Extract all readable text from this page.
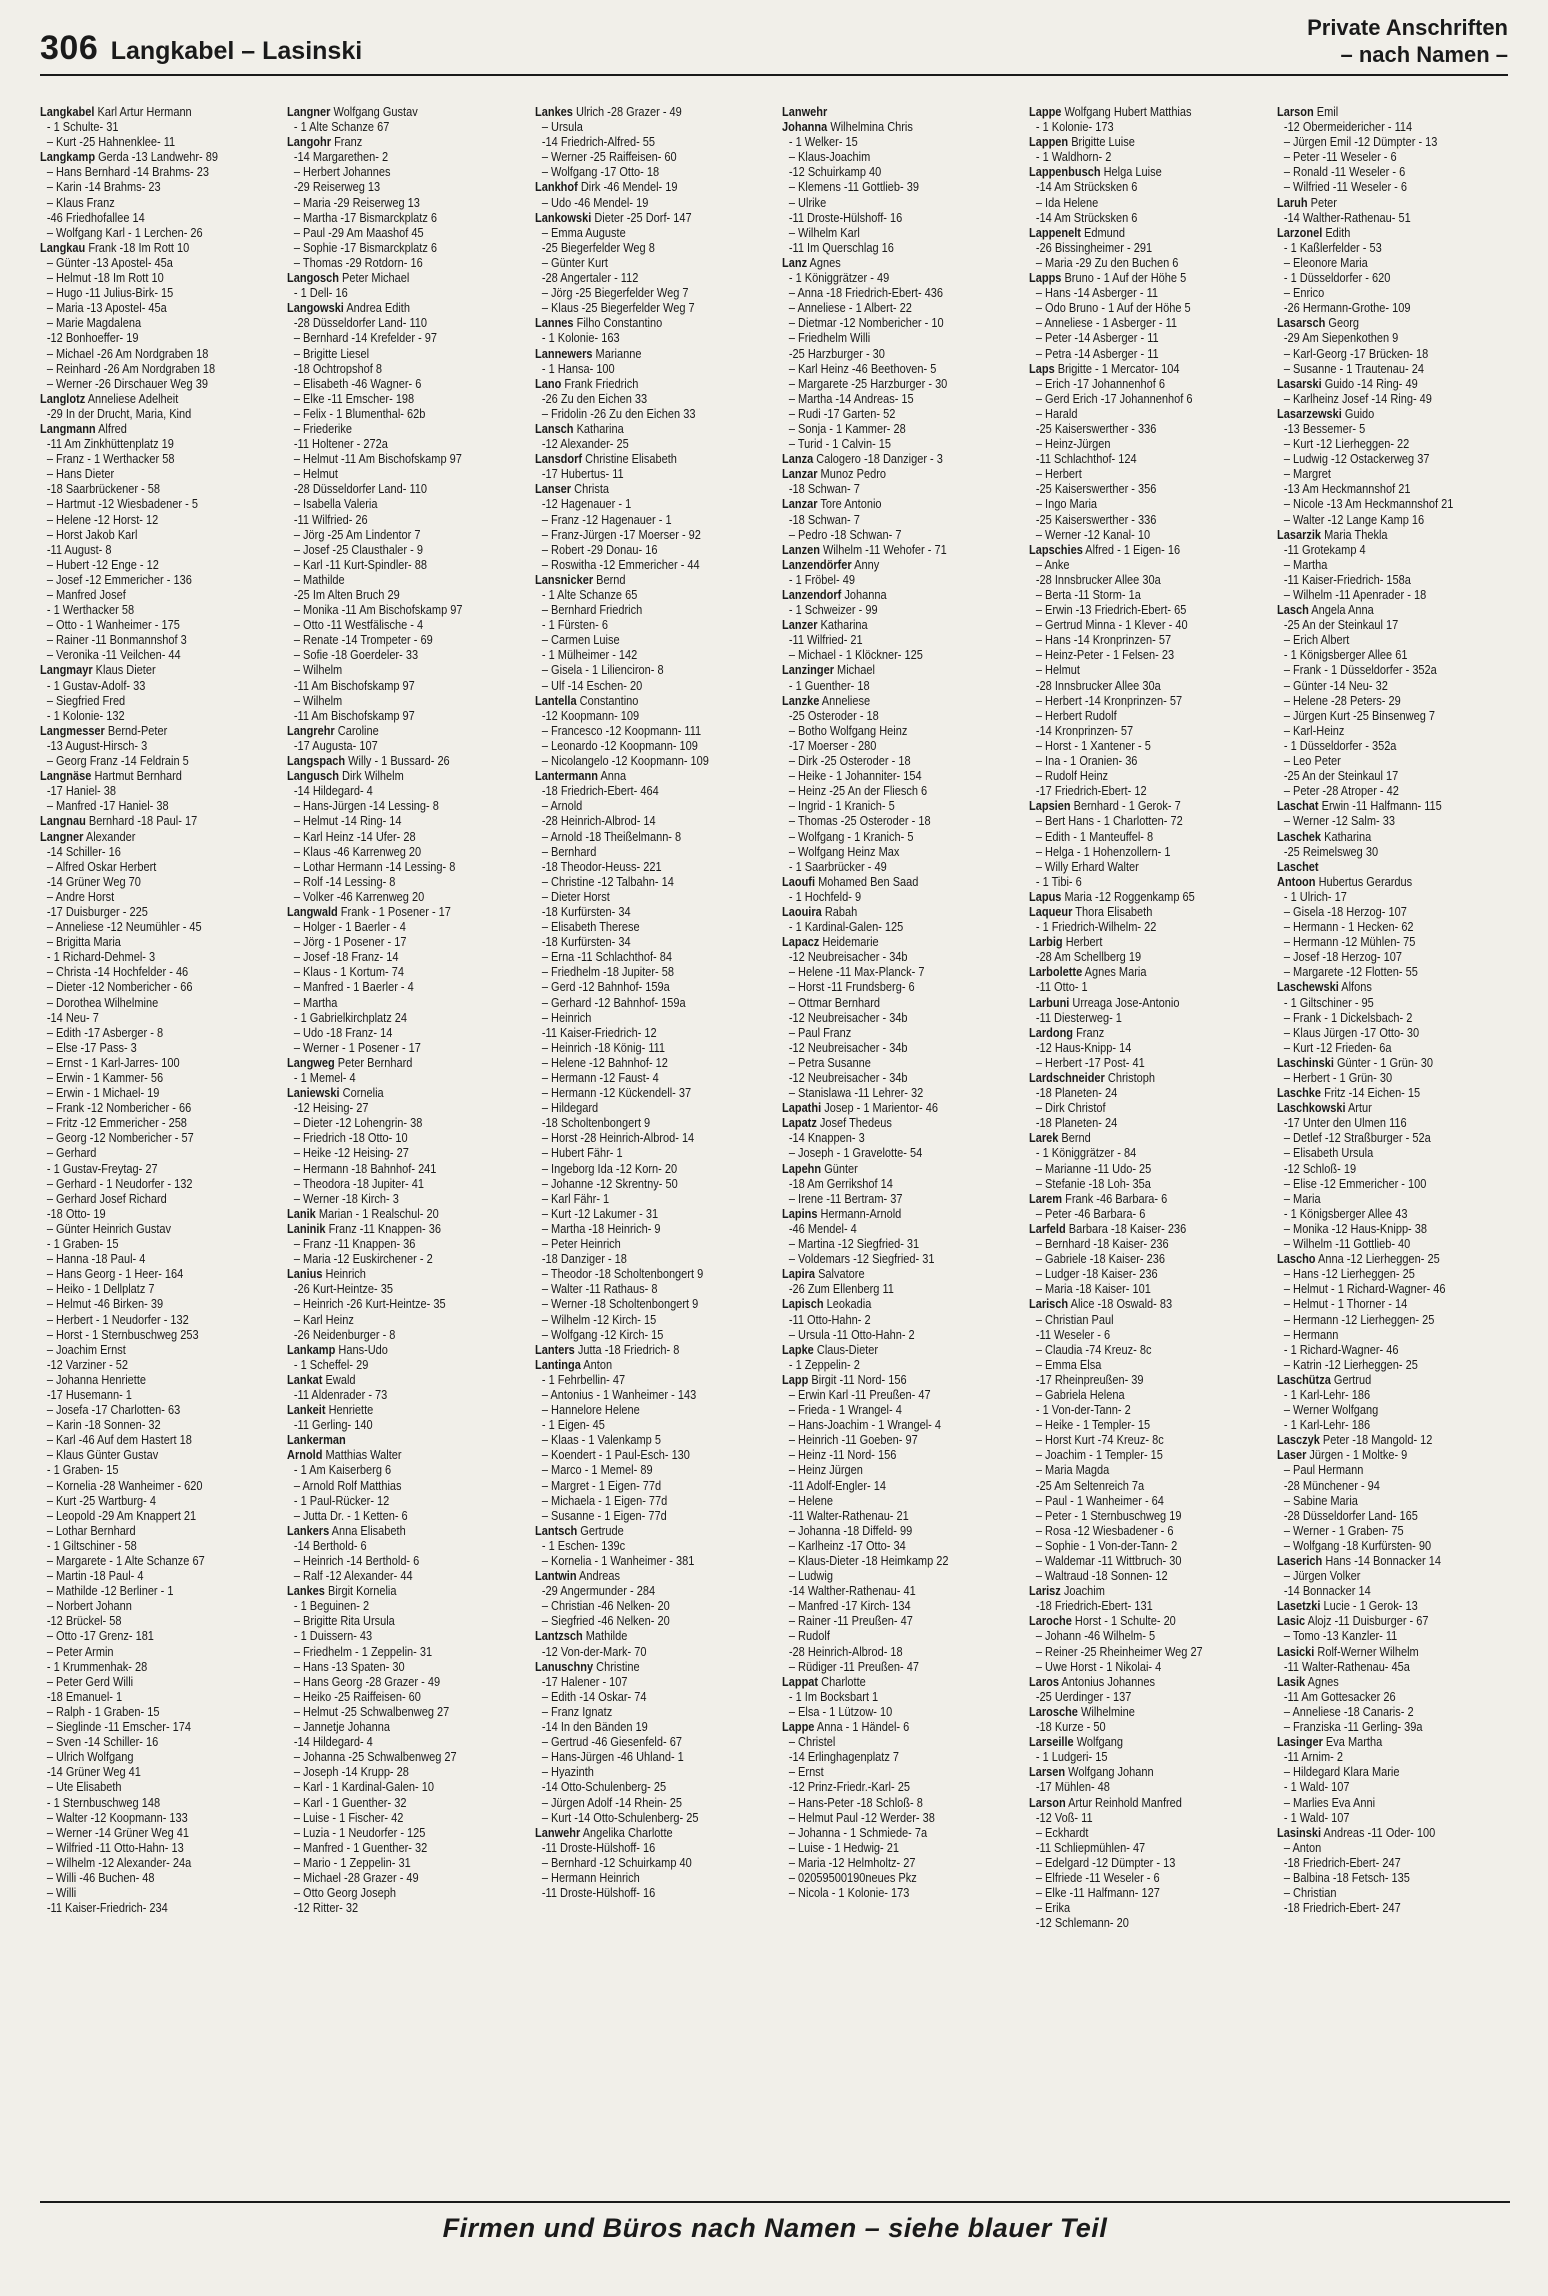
306 Langkabel – Lasinski
Private Anschriften
– nach Namen –
Langkabel Karl Artur Hermann
- 1 Schulte- 31
– Kurt -25 Hahnenklee- 11
Langkamp Gerda -13 Landwehr- 89
– Hans Bernhard -14 Brahms- 23
– Karin -14 Brahms- 23
– Klaus Franz
-46 Friedhofallee 14
– Wolfgang Karl - 1 Lerchen- 26
Langkau Frank -18 Im Rott 10
– Günter -13 Apostel- 45a
– Helmut -18 Im Rott 10
– Hugo -11 Julius-Birk- 15
– Maria -13 Apostel- 45a
– Marie Magdalena
-12 Bonhoeffer- 19
– Michael -26 Am Nordgraben 18
– Reinhard -26 Am Nordgraben 18
– Werner -26 Dirschauer Weg 39
Langlotz Anneliese Adelheit
-29 In der Drucht, Maria, Kind
Langmann Alfred
-11 Am Zinkhüttenplatz 19
– Franz - 1 Werthacker 58
– Hans Dieter
-18 Saarbrückener - 58
– Hartmut -12 Wiesbadener - 5
– Helene -12 Horst- 12
– Horst Jakob Karl
-11 August- 8
– Hubert -12 Enge - 12
– Josef -12 Emmericher - 136
– Manfred Josef
- 1 Werthacker 58
– Otto - 1 Wanheimer - 175
– Rainer -11 Bonmannshof 3
– Veronika -11 Veilchen- 44
Langmayr Klaus Dieter
- 1 Gustav-Adolf- 33
– Siegfried Fred
- 1 Kolonie- 132
Langmesser Bernd-Peter
-13 August-Hirsch- 3
– Georg Franz -14 Feldrain 5
Langnäse Hartmut Bernhard
-17 Haniel- 38
– Manfred -17 Haniel- 38
Langnau Bernhard -18 Paul- 17
Langner Alexander
-14 Schiller- 16
– Alfred Oskar Herbert
-14 Grüner Weg 70
– Andre Horst
-17 Duisburger - 225
– Anneliese -12 Neumühler - 45
– Brigitta Maria
- 1 Richard-Dehmel- 3
– Christa -14 Hochfelder - 46
– Dieter -12 Nombericher - 66
– Dorothea Wilhelmine
-14 Neu- 7
– Edith -17 Asberger - 8
– Else -17 Pass- 3
– Ernst - 1 Karl-Jarres- 100
– Erwin - 1 Kammer- 56
– Erwin - 1 Michael- 19
– Frank -12 Nombericher - 66
– Fritz -12 Emmericher - 258
– Georg -12 Nombericher - 57
– Gerhard
- 1 Gustav-Freytag- 27
– Gerhard - 1 Neudorfer - 132
– Gerhard Josef Richard
-18 Otto- 19
– Günter Heinrich Gustav
- 1 Graben- 15
– Hanna -18 Paul- 4
– Hans Georg - 1 Heer- 164
– Heiko - 1 Dellplatz 7
– Helmut -46 Birken- 39
– Herbert - 1 Neudorfer - 132
– Horst - 1 Sternbuschweg 253
– Joachim Ernst
-12 Varziner - 52
– Johanna Henriette
-17 Husemann- 1
– Josefa -17 Charlotten- 63
– Karin -18 Sonnen- 32
– Karl -46 Auf dem Hastert 18
– Klaus Günter Gustav
- 1 Graben- 15
– Kornelia -28 Wanheimer - 620
– Kurt -25 Wartburg- 4
– Leopold -29 Am Knappert 21
– Lothar Bernhard
- 1 Giltschiner - 58
– Margarete - 1 Alte Schanze 67
– Martin -18 Paul- 4
– Mathilde -12 Berliner - 1
– Norbert Johann
-12 Brückel- 58
– Otto -17 Grenz- 181
– Peter Armin
- 1 Krummenhak- 28
– Peter Gerd Willi
-18 Emanuel- 1
– Ralph - 1 Graben- 15
– Sieglinde -11 Emscher- 174
– Sven -14 Schiller- 16
– Ulrich Wolfgang
-14 Grüner Weg 41
– Ute Elisabeth
- 1 Sternbuschweg 148
– Walter -12 Koopmann- 133
– Werner -14 Grüner Weg 41
– Wilfried -11 Otto-Hahn- 13
– Wilhelm -12 Alexander- 24a
– Willi -46 Buchen- 48
– Willi
-11 Kaiser-Friedrich- 234
Langner Wolfgang Gustav
- 1 Alte Schanze 67
Langohr Franz
-14 Margarethen- 2
– Herbert Johannes
-29 Reiserweg 13
– Maria -29 Reiserweg 13
– Martha -17 Bismarckplatz 6
– Paul -29 Am Maashof 45
– Sophie -17 Bismarckplatz 6
– Thomas -29 Rotdorn- 16
Langosch Peter Michael
- 1 Dell- 16
Langowski Andrea Edith
-28 Düsseldorfer Land- 110
– Bernhard -14 Krefelder - 97
– Brigitte Liesel
-18 Ochtropshof 8
– Elisabeth -46 Wagner- 6
– Elke -11 Emscher- 198
– Felix - 1 Blumenthal- 62b
– Friederike
-11 Holtener - 272a
– Helmut -11 Am Bischofskamp 97
– Helmut
-28 Düsseldorfer Land- 110
– Isabella Valeria
-11 Wilfried- 26
– Jörg -25 Am Lindentor 7
– Josef -25 Clausthaler - 9
– Karl -11 Kurt-Spindler- 88
– Mathilde
-25 Im Alten Bruch 29
– Monika -11 Am Bischofskamp 97
– Otto -11 Westfälische - 4
– Renate -14 Trompeter - 69
– Sofie -18 Goerdeler- 33
– Wilhelm
-11 Am Bischofskamp 97
– Wilhelm
-11 Am Bischofskamp 97
Langrehr Caroline
-17 Augusta- 107
Langspach Willy - 1 Bussard- 26
Langusch Dirk Wilhelm
-14 Hildegard- 4
– Hans-Jürgen -14 Lessing- 8
– Helmut -14 Ring- 14
– Karl Heinz -14 Ufer- 28
– Klaus -46 Karrenweg 20
– Lothar Hermann -14 Lessing- 8
– Rolf -14 Lessing- 8
– Volker -46 Karrenweg 20
Langwald Frank - 1 Posener - 17
– Holger - 1 Baerler - 4
– Jörg - 1 Posener - 17
– Josef -18 Franz- 14
– Klaus - 1 Kortum- 74
– Manfred - 1 Baerler - 4
– Martha
- 1 Gabrielkirchplatz 24
– Udo -18 Franz- 14
– Werner - 1 Posener - 17
Langweg Peter Bernhard
- 1 Memel- 4
Laniewski Cornelia
-12 Heising- 27
– Dieter -12 Lohengrin- 38
– Friedrich -18 Otto- 10
– Heike -12 Heising- 27
– Hermann -18 Bahnhof- 241
– Theodora -18 Jupiter- 41
– Werner -18 Kirch- 3
Lanik Marian - 1 Realschul- 20
Laninik Franz -11 Knappen- 36
– Franz -11 Knappen- 36
– Maria -12 Euskirchener - 2
Lanius Heinrich
-26 Kurt-Heintze- 35
– Heinrich -26 Kurt-Heintze- 35
– Karl Heinz
-26 Neidenburger - 8
Lankamp Hans-Udo
- 1 Scheffel- 29
Lankat Ewald
-11 Aldenrader - 73
Lankeit Henriette
-11 Gerling- 140
Lankerman
Arnold Matthias Walter
- 1 Am Kaiserberg 6
– Arnold Rolf Matthias
- 1 Paul-Rücker- 12
– Jutta Dr. - 1 Ketten- 6
Lankers Anna Elisabeth
-14 Berthold- 6
– Heinrich -14 Berthold- 6
– Ralf -12 Alexander- 44
Lankes Birgit Kornelia
- 1 Beguinen- 2
– Brigitte Rita Ursula
- 1 Duissern- 43
– Friedhelm - 1 Zeppelin- 31
– Hans -13 Spaten- 30
– Hans Georg -28 Grazer - 49
– Heiko -25 Raiffeisen- 60
– Helmut -25 Schwalbenweg 27
– Jannetje Johanna
-14 Hildegard- 4
– Johanna -25 Schwalbenweg 27
– Joseph -14 Krupp- 28
– Karl - 1 Kardinal-Galen- 10
– Karl - 1 Guenther- 32
– Luise - 1 Fischer- 42
– Luzia - 1 Neudorfer - 125
– Manfred - 1 Guenther- 32
– Mario - 1 Zeppelin- 31
– Michael -28 Grazer - 49
– Otto Georg Joseph
-12 Ritter- 32
Lankes Ulrich -28 Grazer - 49
– Ursula
-14 Friedrich-Alfred- 55
– Werner -25 Raiffeisen- 60
– Wolfgang -17 Otto- 18
Lankhof Dirk -46 Mendel- 19
– Udo -46 Mendel- 19
Lankowski Dieter -25 Dorf- 147
– Emma Auguste
-25 Biegerfelder Weg 8
– Günter Kurt
-28 Angertaler - 112
– Jörg -25 Biegerfelder Weg 7
– Klaus -25 Biegerfelder Weg 7
Lannes Filho Constantino
- 1 Kolonie- 163
Lannewers Marianne
- 1 Hansa- 100
Lano Frank Friedrich
-26 Zu den Eichen 33
– Fridolin -26 Zu den Eichen 33
Lansch Katharina
-12 Alexander- 25
Lansdorf Christine Elisabeth
-17 Hubertus- 11
Lanser Christa
-12 Hagenauer - 1
– Franz -12 Hagenauer - 1
– Franz-Jürgen -17 Moerser - 92
– Robert -29 Donau- 16
– Roswitha -12 Emmericher - 44
Lansnicker Bernd
- 1 Alte Schanze 65
– Bernhard Friedrich
- 1 Fürsten- 6
– Carmen Luise
- 1 Mülheimer - 142
– Gisela - 1 Lilienciron- 8
– Ulf -14 Eschen- 20
Lantella Constantino
-12 Koopmann- 109
– Francesco -12 Koopmann- 111
– Leonardo -12 Koopmann- 109
– Nicolangelo -12 Koopmann- 109
Lantermann Anna
-18 Friedrich-Ebert- 464
– Arnold
-28 Heinrich-Albrod- 14
– Arnold -18 Theißelmann- 8
– Bernhard
-18 Theodor-Heuss- 221
– Christine -12 Talbahn- 14
– Dieter Horst
-18 Kurfürsten- 34
– Elisabeth Therese
-18 Kurfürsten- 34
– Erna -11 Schlachthof- 84
– Friedhelm -18 Jupiter- 58
– Gerd -12 Bahnhof- 159a
– Gerhard -12 Bahnhof- 159a
– Heinrich
-11 Kaiser-Friedrich- 12
– Heinrich -18 König- 111
– Helene -12 Bahnhof- 12
– Hermann -12 Faust- 4
– Hermann -12 Kückendell- 37
– Hildegard
-18 Scholtenbongert 9
– Horst -28 Heinrich-Albrod- 14
– Hubert Fähr- 1
– Ingeborg Ida -12 Korn- 20
– Johanne -12 Skrentny- 50
– Karl Fähr- 1
– Kurt -12 Lakumer - 31
– Martha -18 Heinrich- 9
– Peter Heinrich
-18 Danziger - 18
– Theodor -18 Scholtenbongert 9
– Walter -11 Rathaus- 8
– Werner -18 Scholtenbongert 9
– Wilhelm -12 Kirch- 15
– Wolfgang -12 Kirch- 15
Lanters Jutta -18 Friedrich- 8
Lantinga Anton
- 1 Fehrbellin- 47
– Antonius - 1 Wanheimer - 143
– Hannelore Helene
- 1 Eigen- 45
– Klaas - 1 Valenkamp 5
– Koendert - 1 Paul-Esch- 130
– Marco - 1 Memel- 89
– Margret - 1 Eigen- 77d
– Michaela - 1 Eigen- 77d
– Susanne - 1 Eigen- 77d
Lantsch Gertrude
- 1 Eschen- 139c
– Kornelia - 1 Wanheimer - 381
Lantwin Andreas
-29 Angermunder - 284
– Christian -46 Nelken- 20
– Siegfried -46 Nelken- 20
Lantzsch Mathilde
-12 Von-der-Mark- 70
Lanuschny Christine
-17 Halener - 107
– Edith -14 Oskar- 74
– Franz Ignatz
-14 In den Bänden 19
– Gertrud -46 Giesenfeld- 67
– Hans-Jürgen -46 Uhland- 1
– Hyazinth
-14 Otto-Schulenberg- 25
– Jürgen Adolf -14 Rhein- 25
– Kurt -14 Otto-Schulenberg- 25
Lanwehr Angelika Charlotte
-11 Droste-Hülshoff- 16
– Bernhard -12 Schuirkamp 40
– Hermann Heinrich
-11 Droste-Hülshoff- 16
Lanwehr
Johanna Wilhelmina Chris
- 1 Welker- 15
– Klaus-Joachim
-12 Schuirkamp 40
– Klemens -11 Gottlieb- 39
– Ulrike
-11 Droste-Hülshoff- 16
– Wilhelm Karl
-11 Im Querschlag 16
Lanz Agnes
- 1 Königgrätzer - 49
– Anna -18 Friedrich-Ebert- 436
– Anneliese - 1 Albert- 22
– Dietmar -12 Nombericher - 10
– Friedhelm Willi
-25 Harzburger - 30
– Karl Heinz -46 Beethoven- 5
– Margarete -25 Harzburger - 30
– Martha -14 Andreas- 15
– Rudi -17 Garten- 52
– Sonja - 1 Kammer- 28
– Turid - 1 Calvin- 15
Lanza Calogero -18 Danziger - 3
Lanzar Munoz Pedro
-18 Schwan- 7
Lanzar Tore Antonio
-18 Schwan- 7
– Pedro -18 Schwan- 7
Lanzen Wilhelm -11 Wehofer - 71
Lanzendörfer Anny
- 1 Fröbel- 49
Lanzendorf Johanna
- 1 Schweizer - 99
Lanzer Katharina
-11 Wilfried- 21
– Michael - 1 Klöckner- 125
Lanzinger Michael
- 1 Guenther- 18
Lanzke Anneliese
-25 Osteroder - 18
– Botho Wolfgang Heinz
-17 Moerser - 280
– Dirk -25 Osteroder - 18
– Heike - 1 Johanniter- 154
– Heinz -25 An der Fliesch 6
– Ingrid - 1 Kranich- 5
– Thomas -25 Osteroder - 18
– Wolfgang - 1 Kranich- 5
– Wolfgang Heinz Max
- 1 Saarbrücker - 49
Laoufi Mohamed Ben Saad
- 1 Hochfeld- 9
Laouira Rabah
- 1 Kardinal-Galen- 125
Lapacz Heidemarie
-12 Neubreisacher - 34b
– Helene -11 Max-Planck- 7
– Horst -11 Frundsberg- 6
– Ottmar Bernhard
-12 Neubreisacher - 34b
– Paul Franz
-12 Neubreisacher - 34b
– Petra Susanne
-12 Neubreisacher - 34b
– Stanislawa -11 Lehrer- 32
Lapathi Josep - 1 Marientor- 46
Lapatz Josef Thedeus
-14 Knappen- 3
– Joseph - 1 Gravelotte- 54
Lapehn Günter
-18 Am Gerrikshof 14
– Irene -11 Bertram- 37
Lapins Hermann-Arnold
-46 Mendel- 4
– Martina -12 Siegfried- 31
– Voldemars -12 Siegfried- 31
Lapira Salvatore
-26 Zum Ellenberg 11
Lapisch Leokadia
-11 Otto-Hahn- 2
– Ursula -11 Otto-Hahn- 2
Lapke Claus-Dieter
- 1 Zeppelin- 2
Lapp Birgit -11 Nord- 156
– Erwin Karl -11 Preußen- 47
– Frieda - 1 Wrangel- 4
– Hans-Joachim - 1 Wrangel- 4
– Heinrich -11 Goeben- 97
– Heinz -11 Nord- 156
– Heinz Jürgen
-11 Adolf-Engler- 14
– Helene
-11 Walter-Rathenau- 21
– Johanna -18 Diffeld- 99
– Karlheinz -17 Otto- 34
– Klaus-Dieter -18 Heimkamp 22
– Ludwig
-14 Walther-Rathenau- 41
– Manfred -17 Kirch- 134
– Rainer -11 Preußen- 47
– Rudolf
-28 Heinrich-Albrod- 18
– Rüdiger -11 Preußen- 47
Lappat Charlotte
- 1 Im Bocksbart 1
– Elsa - 1 Lützow- 10
Lappe Anna - 1 Händel- 6
– Christel
-14 Erlinghagenplatz 7
– Ernst
-12 Prinz-Friedr.-Karl- 25
– Hans-Peter -18 Schloß- 8
– Helmut Paul -12 Werder- 38
– Johanna - 1 Schmiede- 7a
– Luise - 1 Hedwig- 21
– Maria -12 Helmholtz- 27
– 02059500190neues Pkz
– Nicola - 1 Kolonie- 173
Lappe Wolfgang Hubert Matthias
- 1 Kolonie- 173
Lappen Brigitte Luise
- 1 Waldhorn- 2
Lappenbusch Helga Luise
-14 Am Strücksken 6
– Ida Helene
-14 Am Strücksken 6
Lappenelt Edmund
-26 Bissingheimer - 291
– Maria -29 Zu den Buchen 6
Lapps Bruno - 1 Auf der Höhe 5
– Hans -14 Asberger - 11
– Odo Bruno - 1 Auf der Höhe 5
– Anneliese - 1 Asberger - 11
– Peter -14 Asberger - 11
– Petra -14 Asberger - 11
Laps Brigitte - 1 Mercator- 104
– Erich -17 Johannenhof 6
– Gerd Erich -17 Johannenhof 6
– Harald
-25 Kaiserswerther - 336
– Heinz-Jürgen
-11 Schlachthof- 124
– Herbert
-25 Kaiserswerther - 356
– Ingo Maria
-25 Kaiserswerther - 336
– Werner -12 Kanal- 10
Lapschies Alfred - 1 Eigen- 16
– Anke
-28 Innsbrucker Allee 30a
– Berta -11 Storm- 1a
– Erwin -13 Friedrich-Ebert- 65
– Gertrud Minna - 1 Klever - 40
– Hans -14 Kronprinzen- 57
– Heinz-Peter - 1 Felsen- 23
– Helmut
-28 Innsbrucker Allee 30a
– Herbert -14 Kronprinzen- 57
– Herbert Rudolf
-14 Kronprinzen- 57
– Horst - 1 Xantener - 5
– Ina - 1 Oranien- 36
– Rudolf Heinz
-17 Friedrich-Ebert- 12
Lapsien Bernhard - 1 Gerok- 7
– Bert Hans - 1 Charlotten- 72
– Edith - 1 Manteuffel- 8
– Helga - 1 Hohenzollern- 1
– Willy Erhard Walter
- 1 Tibi- 6
Lapus Maria -12 Roggenkamp 65
Laqueur Thora Elisabeth
- 1 Friedrich-Wilhelm- 22
Larbig Herbert
-28 Am Schellberg 19
Larbolette Agnes Maria
-11 Otto- 1
Larbuni Urreaga Jose-Antonio
-11 Diesterweg- 1
Lardong Franz
-12 Haus-Knipp- 14
– Herbert -17 Post- 41
Lardschneider Christoph
-18 Planeten- 24
– Dirk Christof
-18 Planeten- 24
Larek Bernd
- 1 Königgrätzer - 84
– Marianne -11 Udo- 25
– Stefanie -18 Loh- 35a
Larem Frank -46 Barbara- 6
– Peter -46 Barbara- 6
Larfeld Barbara -18 Kaiser- 236
– Bernhard -18 Kaiser- 236
– Gabriele -18 Kaiser- 236
– Ludger -18 Kaiser- 236
– Maria -18 Kaiser- 101
Larisch Alice -18 Oswald- 83
– Christian Paul
-11 Weseler - 6
– Claudia -74 Kreuz- 8c
– Emma Elsa
-17 Rheinpreußen- 39
– Gabriela Helena
- 1 Von-der-Tann- 2
– Heike - 1 Templer- 15
– Horst Kurt -74 Kreuz- 8c
– Joachim - 1 Templer- 15
– Maria Magda
-25 Am Seltenreich 7a
– Paul - 1 Wanheimer - 64
– Peter - 1 Sternbuschweg 19
– Rosa -12 Wiesbadener - 6
– Sophie - 1 Von-der-Tann- 2
– Waldemar -11 Wittbruch- 30
– Waltraud -18 Sonnen- 12
Larisz Joachim
-18 Friedrich-Ebert- 131
Laroche Horst - 1 Schulte- 20
– Johann -46 Wilhelm- 5
– Reiner -25 Rheinheimer Weg 27
– Uwe Horst - 1 Nikolai- 4
Laros Antonius Johannes
-25 Uerdinger - 137
Larosche Wilhelmine
-18 Kurze - 50
Larseille Wolfgang
- 1 Ludgeri- 15
Larsen Wolfgang Johann
-17 Mühlen- 48
Larson Artur Reinhold Manfred
-12 Voß- 11
– Eckhardt
-11 Schliepmühlen- 47
– Edelgard -12 Dümpter - 13
– Elfriede -11 Weseler - 6
– Elke -11 Halfmann- 127
– Erika
-12 Schlemann- 20
Larson Emil
-12 Obermeidericher - 114
– Jürgen Emil -12 Dümpter - 13
– Peter -11 Weseler - 6
– Ronald -11 Weseler - 6
– Wilfried -11 Weseler - 6
Laruh Peter
-14 Walther-Rathenau- 51
Larzonel Edith
- 1 Kaßlerfelder - 53
– Eleonore Maria
- 1 Düsseldorfer - 620
– Enrico
-26 Hermann-Grothe- 109
Lasarsch Georg
-29 Am Siepenkothen 9
– Karl-Georg -17 Brücken- 18
– Susanne - 1 Trautenau- 24
Lasarski Guido -14 Ring- 49
– Karlheinz Josef -14 Ring- 49
Lasarzewski Guido
-13 Bessemer- 5
– Kurt -12 Lierheggen- 22
– Ludwig -12 Ostackerweg 37
– Margret
-13 Am Heckmannshof 21
– Nicole -13 Am Heckmannshof 21
– Walter -12 Lange Kamp 16
Lasarzik Maria Thekla
-11 Grotekamp 4
– Martha
-11 Kaiser-Friedrich- 158a
– Wilhelm -11 Apenrader - 18
Lasch Angela Anna
-25 An der Steinkaul 17
– Erich Albert
- 1 Königsberger Allee 61
– Frank - 1 Düsseldorfer - 352a
– Günter -14 Neu- 32
– Helene -28 Peters- 29
– Jürgen Kurt -25 Binsenweg 7
– Karl-Heinz
- 1 Düsseldorfer - 352a
– Leo Peter
-25 An der Steinkaul 17
– Peter -28 Atroper - 42
Laschat Erwin -11 Halfmann- 115
– Werner -12 Salm- 33
Laschek Katharina
-25 Reimelsweg 30
Laschet
Antoon Hubertus Gerardus
- 1 Ulrich- 17
– Gisela -18 Herzog- 107
– Hermann - 1 Hecken- 62
– Hermann -12 Mühlen- 75
– Josef -18 Herzog- 107
– Margarete -12 Flotten- 55
Laschewski Alfons
- 1 Giltschiner - 95
– Frank - 1 Dickelsbach- 2
– Klaus Jürgen -17 Otto- 30
– Kurt -12 Frieden- 6a
Laschinski Günter - 1 Grün- 30
– Herbert - 1 Grün- 30
Laschke Fritz -14 Eichen- 15
Laschkowski Artur
-17 Unter den Ulmen 116
– Detlef -12 Straßburger - 52a
– Elisabeth Ursula
-12 Schloß- 19
– Elise -12 Emmericher - 100
– Maria
- 1 Königsberger Allee 43
– Monika -12 Haus-Knipp- 38
– Wilhelm -11 Gottlieb- 40
Lascho Anna -12 Lierheggen- 25
– Hans -12 Lierheggen- 25
– Helmut - 1 Richard-Wagner- 46
– Helmut - 1 Thorner - 14
– Hermann -12 Lierheggen- 25
– Hermann
- 1 Richard-Wagner- 46
– Katrin -12 Lierheggen- 25
Laschütza Gertrud
- 1 Karl-Lehr- 186
– Werner Wolfgang
- 1 Karl-Lehr- 186
Lasczyk Peter -18 Mangold- 12
Laser Jürgen - 1 Moltke- 9
– Paul Hermann
-28 Münchener - 94
– Sabine Maria
-28 Düsseldorfer Land- 165
– Werner - 1 Graben- 75
– Wolfgang -18 Kurfürsten- 90
Laserich Hans -14 Bonnacker 14
– Jürgen Volker
-14 Bonnacker 14
Lasetzki Lucie - 1 Gerok- 13
Lasic Alojz -11 Duisburger - 67
– Tomo -13 Kanzler- 11
Lasicki Rolf-Werner Wilhelm
-11 Walter-Rathenau- 45a
Lasik Agnes
-11 Am Gottesacker 26
– Anneliese -18 Canaris- 2
– Franziska -11 Gerling- 39a
Lasinger Eva Martha
-11 Arnim- 2
– Hildegard Klara Marie
- 1 Wald- 107
– Marlies Eva Anni
- 1 Wald- 107
Lasinski Andreas -11 Oder- 100
– Anton
-18 Friedrich-Ebert- 247
– Balbina -18 Fetsch- 135
– Christian
-18 Friedrich-Ebert- 247
Firmen und Büros nach Namen – siehe blauer Teil
